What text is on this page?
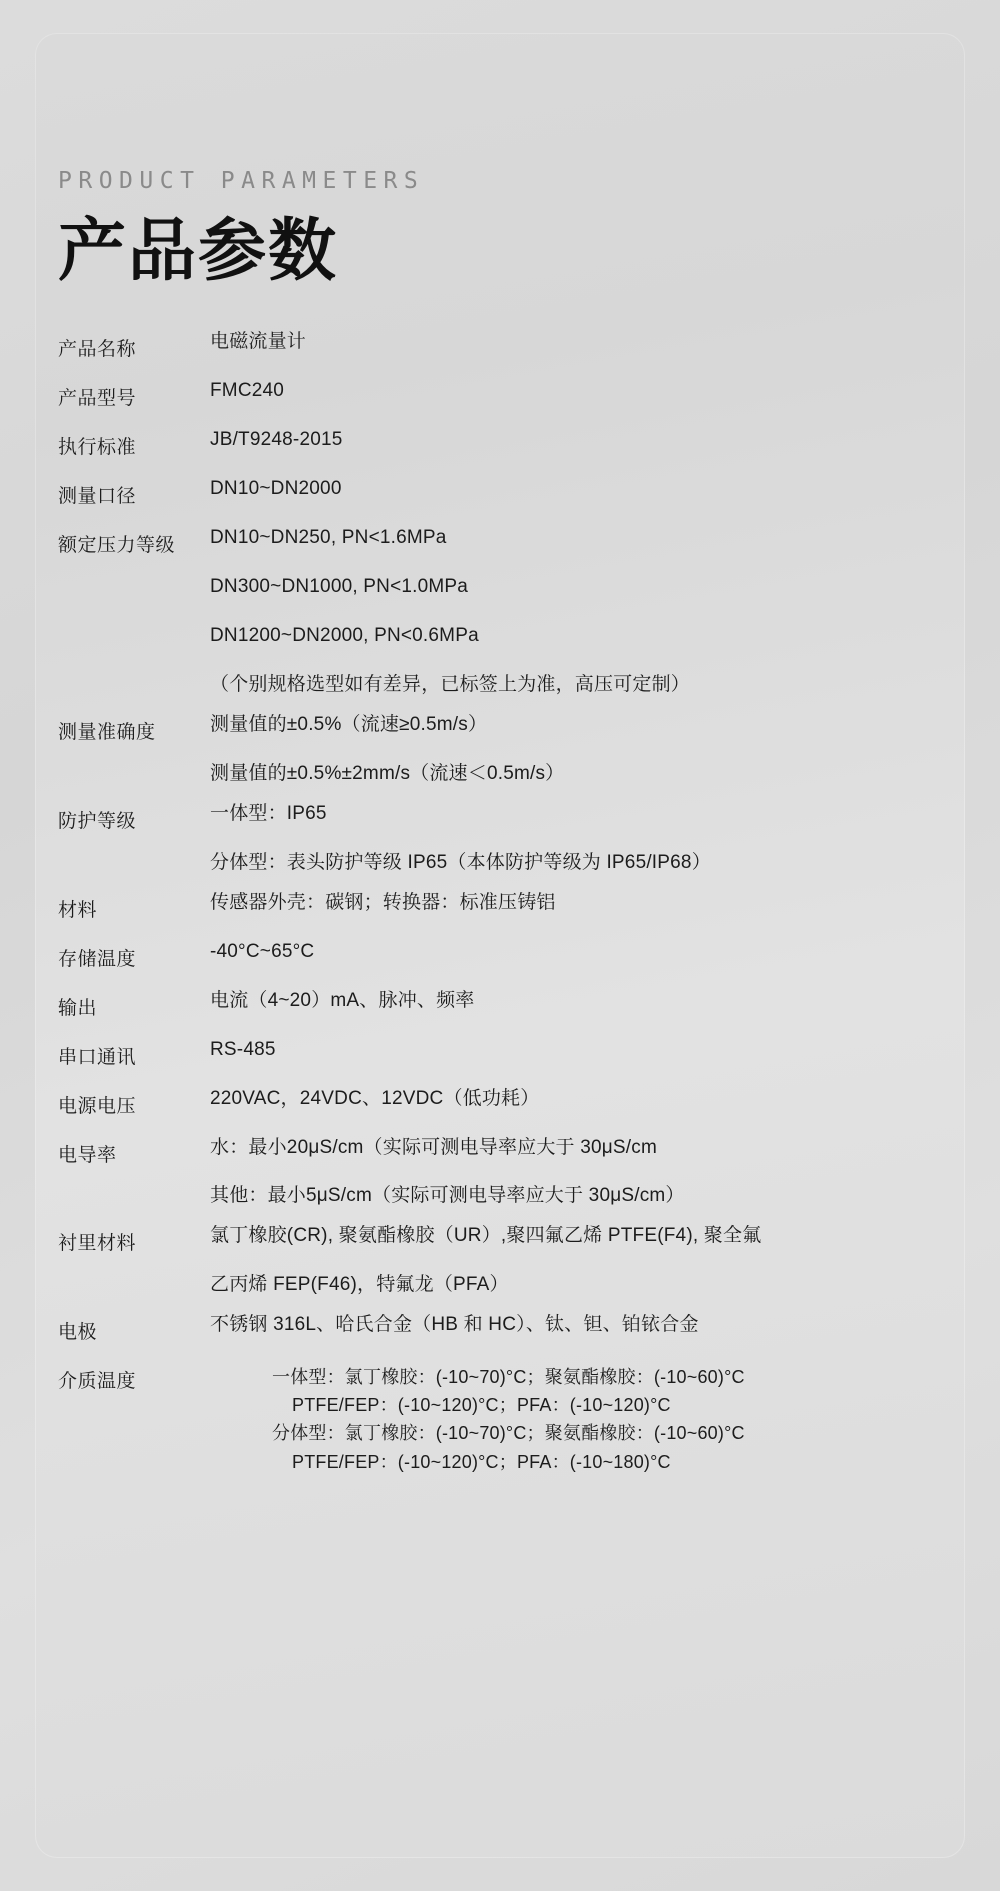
PRODUCT PARAMETERS
产品参数
产品名称	电磁流量计

产品型号	FMC240

执行标准	JB/T9248-2015

测量口径	DN10~DN2000

额定压力等级	DN10~DN250, PN<1.6MPa
DN300~DN1000, PN<1.0MPa
DN1200~DN2000, PN<0.6MPa
（个别规格选型如有差异，已标签上为准，高压可定制）

测量准确度	测量值的±0.5%（流速≥0.5m/s）
测量值的±0.5%±2mm/s（流速＜0.5m/s）

防护等级	一体型：IP65
分体型：表头防护等级 IP65（本体防护等级为 IP65/IP68）

材料	传感器外壳：碳钢；转换器：标准压铸铝

存储温度	-40°C~65°C

输出	电流（4~20）mA、脉冲、频率

串口通讯	RS-485

电源电压	220VAC，24VDC、12VDC（低功耗）

电导率	水：最小20μS/cm（实际可测电导率应大于 30μS/cm
其他：最小5μS/cm（实际可测电导率应大于 30μS/cm）

衬里材料	氯丁橡胶(CR), 聚氨酯橡胶（UR）,聚四氟乙烯 PTFE(F4), 聚全氟
乙丙烯 FEP(F46)，特氟龙（PFA）

电极	不锈钢 316L、哈氏合金（HB 和 HC）、钛、钽、铂铱合金

介质温度	一体型：氯丁橡胶：(-10~70)°C；聚氨酯橡胶：(-10~60)°C
PTFE/FEP：(-10~120)°C；PFA：(-10~120)°C
分体型：氯丁橡胶：(-10~70)°C；聚氨酯橡胶：(-10~60)°C
PTFE/FEP：(-10~120)°C；PFA：(-10~180)°C
